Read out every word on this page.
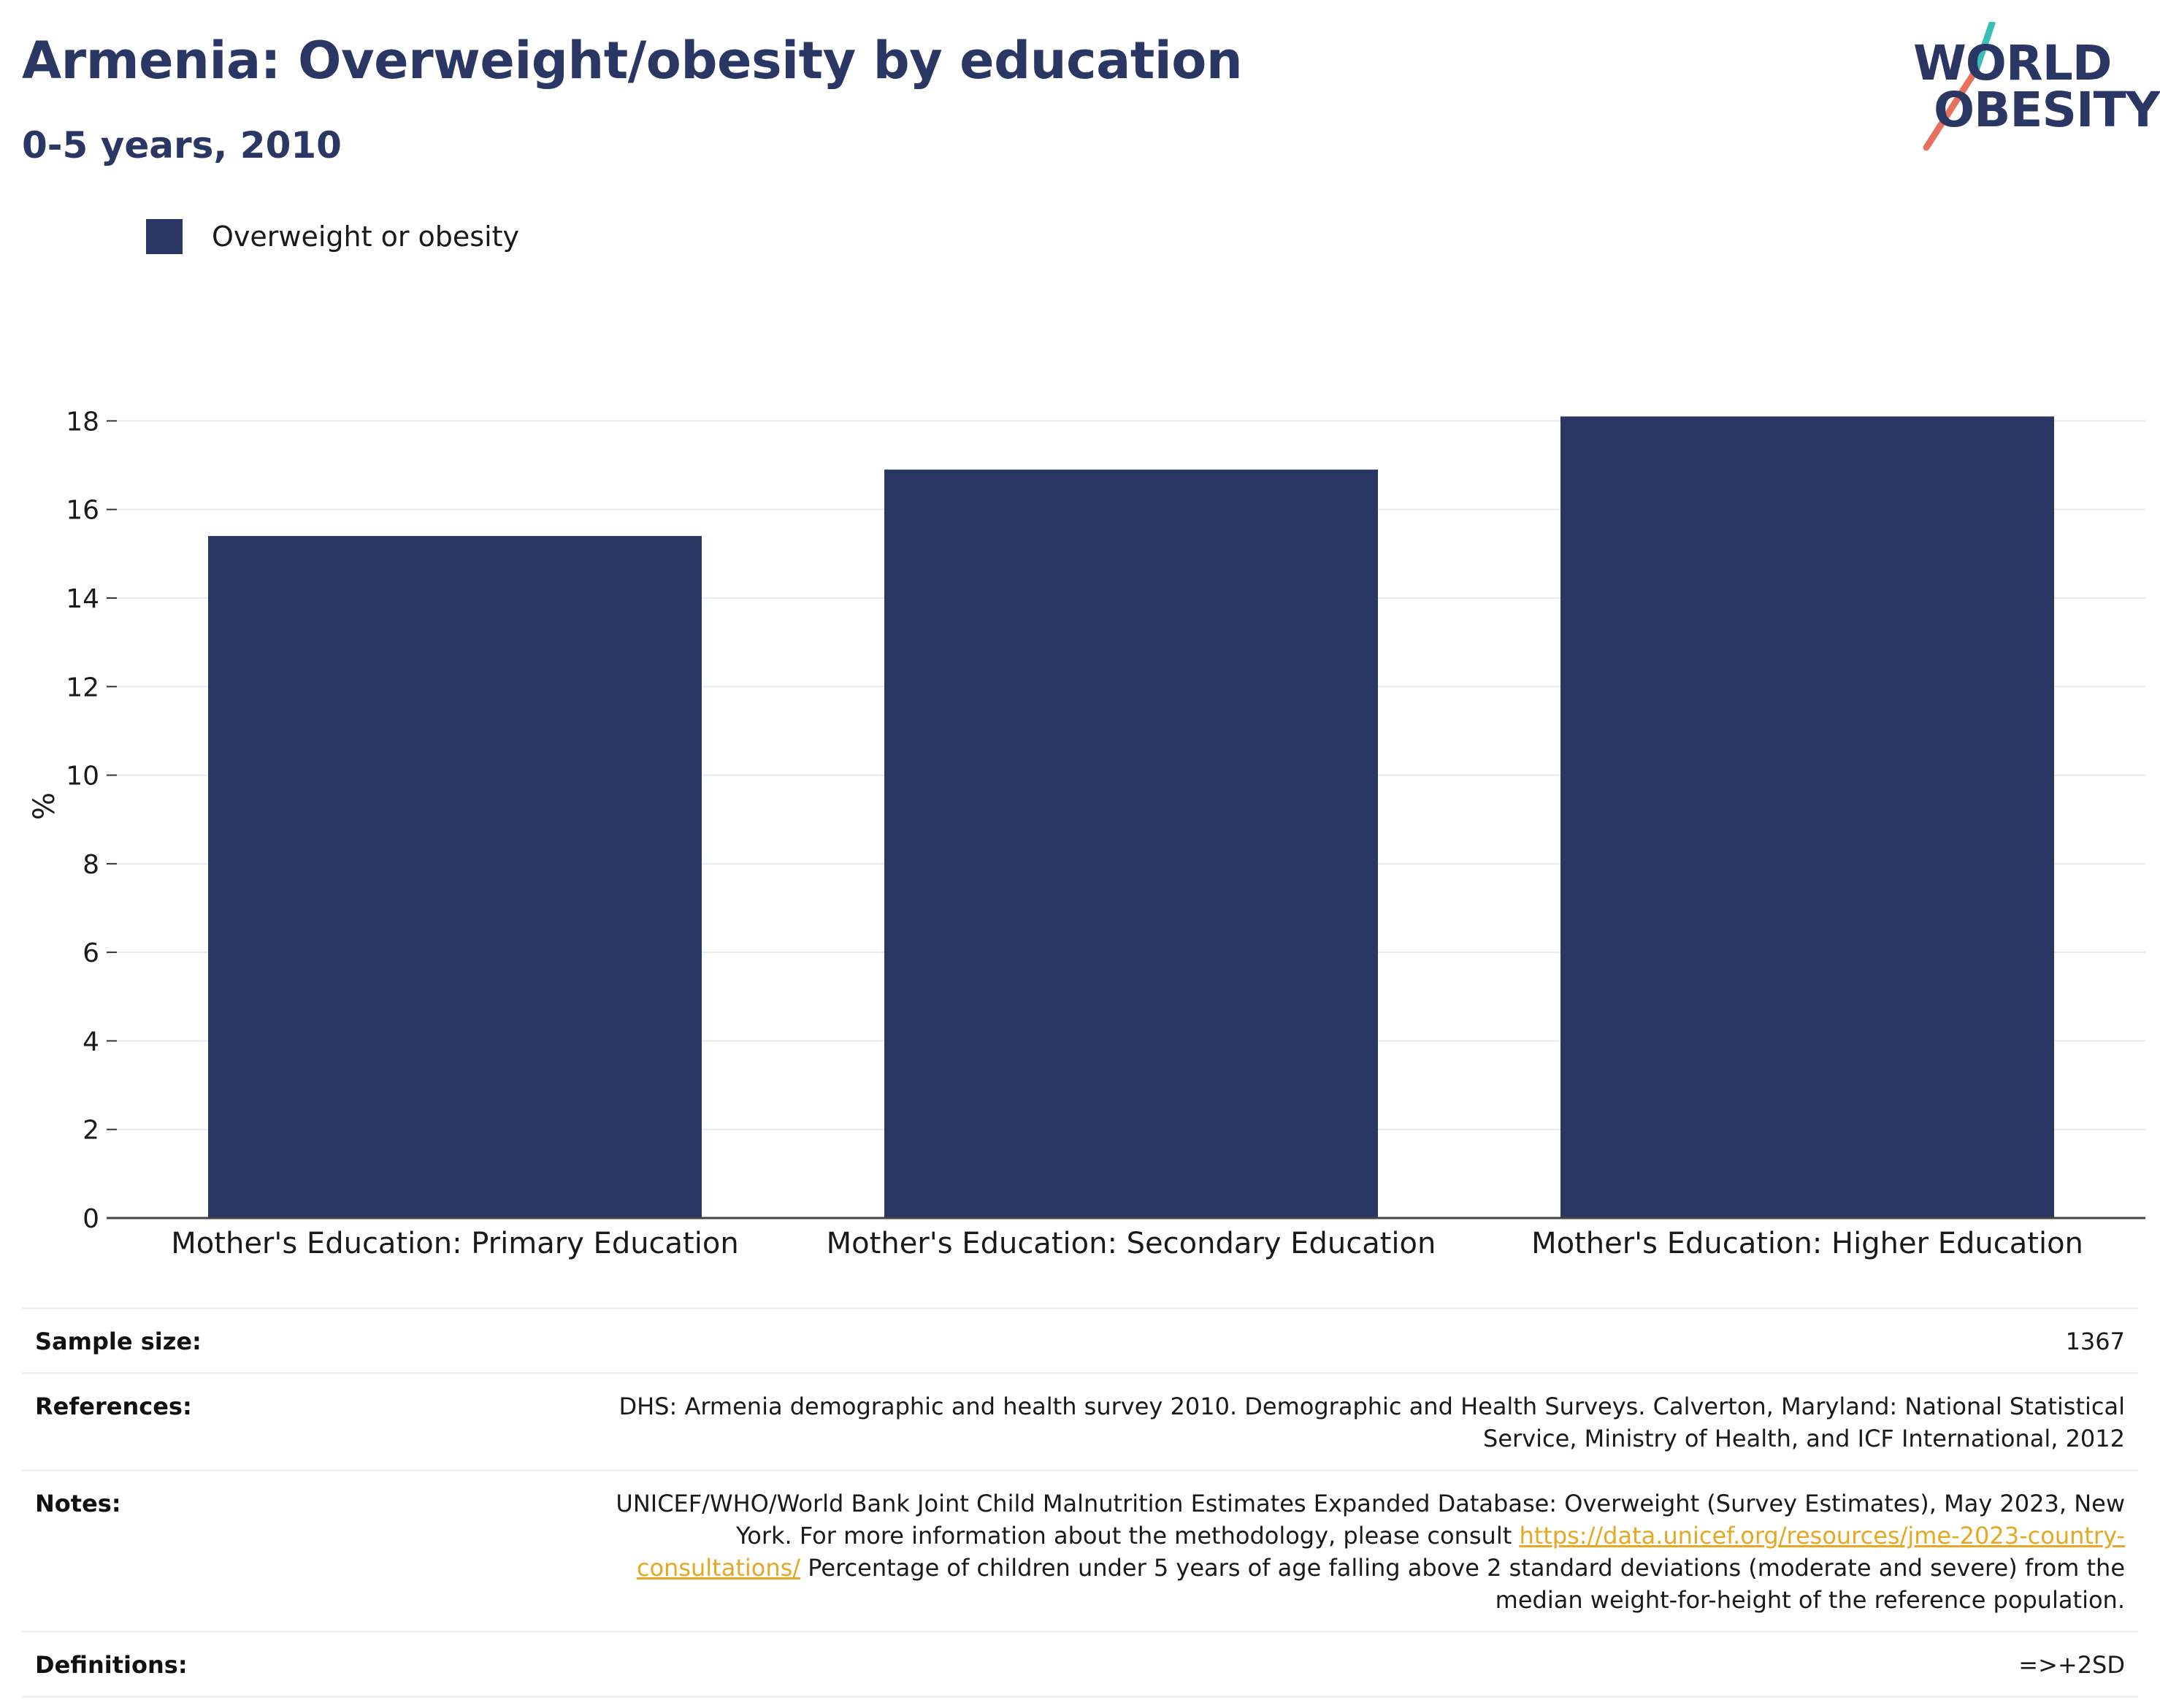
Armenia: Overweight/obesity by education
0-5 years, 2010
WORLD
OBESITY
Overweight or obesity
0
2
4
6
8
10
12
14
16
18
Mother's Education: Primary Education	Mother's Education: Secondary Education	Mother's Education: Higher Education
%
Sample size:	1367
References:	DHS: Armenia demographic and health survey 2010. Demographic and Health Surveys. Calverton, Maryland: National Statistical Service, Ministry of Health, and ICF International, 2012
Notes:	UNICEF/WHO/World Bank Joint Child Malnutrition Estimates Expanded Database: Overweight (Survey Estimates), May 2023, New York. For more information about the methodology, please consult https://data.unicef.org/resources/jme-2023-country-consultations/ Percentage of children under 5 years of age falling above 2 standard deviations (moderate and severe) from the median weight-for-height of the reference population.
Definitions:	=>+2SD
